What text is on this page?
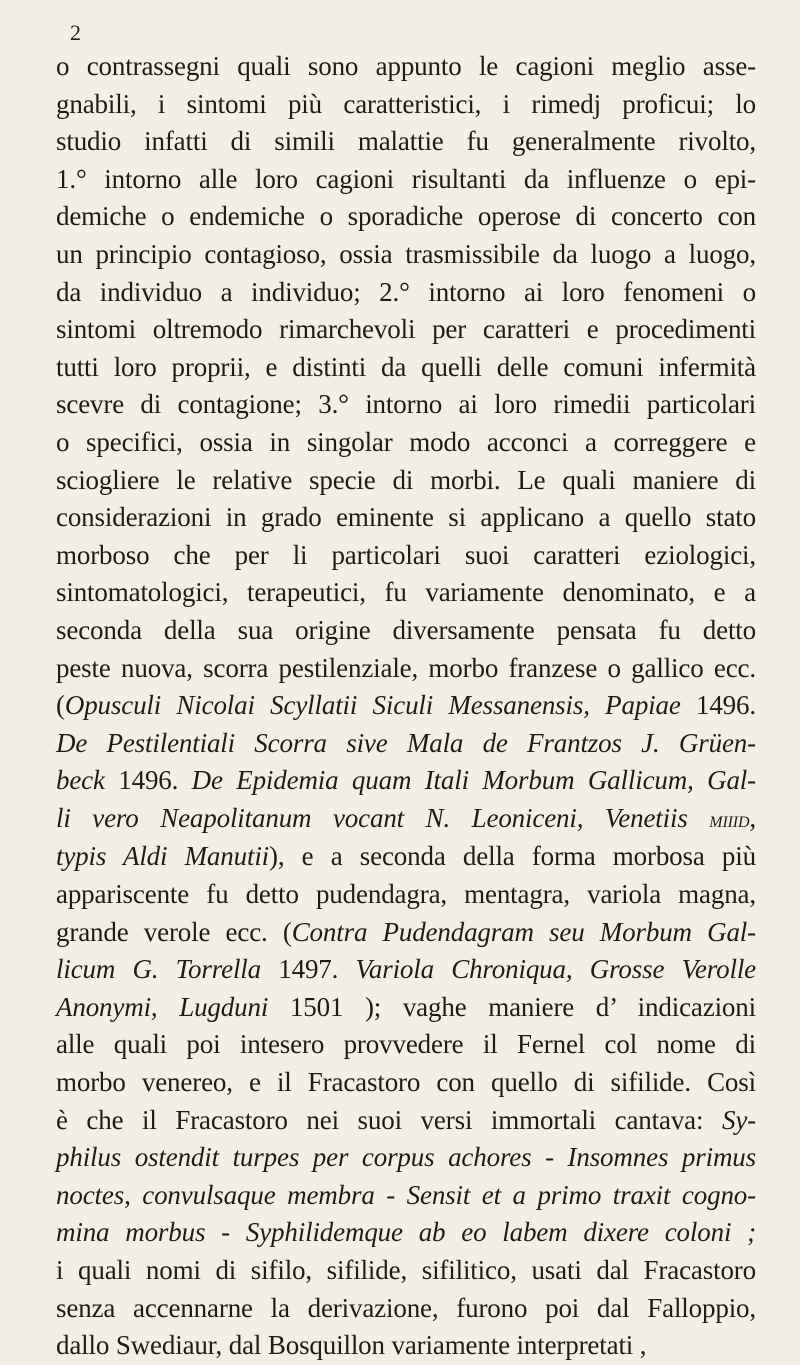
2
o contrassegni quali sono appunto le cagioni meglio asse-
gnabili, i sintomi più caratteristici, i rimedj proficui; lo
studio infatti di simili malattie fu generalmente rivolto,
1.° intorno alle loro cagioni risultanti da influenze o epi-
demiche o endemiche o sporadiche operose di concerto con
un principio contagioso, ossia trasmissibile da luogo a luogo,
da individuo a individuo; 2.° intorno ai loro fenomeni o
sintomi oltremodo rimarchevoli per caratteri e procedimenti
tutti loro proprii, e distinti da quelli delle comuni infermità
scevre di contagione; 3.° intorno ai loro rimedii particolari
o specifici, ossia in singolar modo acconci a correggere e
sciogliere le relative specie di morbi. Le quali maniere di
considerazioni in grado eminente si applicano a quello stato
morboso che per li particolari suoi caratteri eziologici,
sintomatologici, terapeutici, fu variamente denominato, e a
seconda della sua origine diversamente pensata fu detto
peste nuova, scorra pestilenziale, morbo franzese o gallico ecc.
(Opusculi Nicolai Scyllatii Siculi Messanensis, Papiae 1496.
De Pestilentiali Scorra sive Mala de Frantzos J. Grüen-
beck 1496. De Epidemia quam Itali Morbum Gallicum, Gal-
li vero Neapolitanum vocant N. Leoniceni, Venetiis miiid,
typis Aldi Manutii), e a seconda della forma morbosa più
appariscente fu detto pudendagra, mentagra, variola magna,
grande verole ecc. (Contra Pudendagram seu Morbum Gal-
licum G. Torrella 1497. Variola Chroniqua, Grosse Verolle
Anonymi, Lugduni 1501 ); vaghe maniere d’ indicazioni
alle quali poi intesero provvedere il Fernel col nome di
morbo venereo, e il Fracastoro con quello di sifilide. Così
è che il Fracastoro nei suoi versi immortali cantava: Sy-
philus ostendit turpes per corpus achores - Insomnes primus
noctes, convulsaque membra - Sensit et a primo traxit cogno-
mina morbus - Syphilidemque ab eo labem dixere coloni ;
i quali nomi di sifilo, sifilide, sifilitico, usati dal Fracastoro
senza accennarne la derivazione, furono poi dal Falloppio,
dallo Swediaur, dal Bosquillon variamente interpretati ,
